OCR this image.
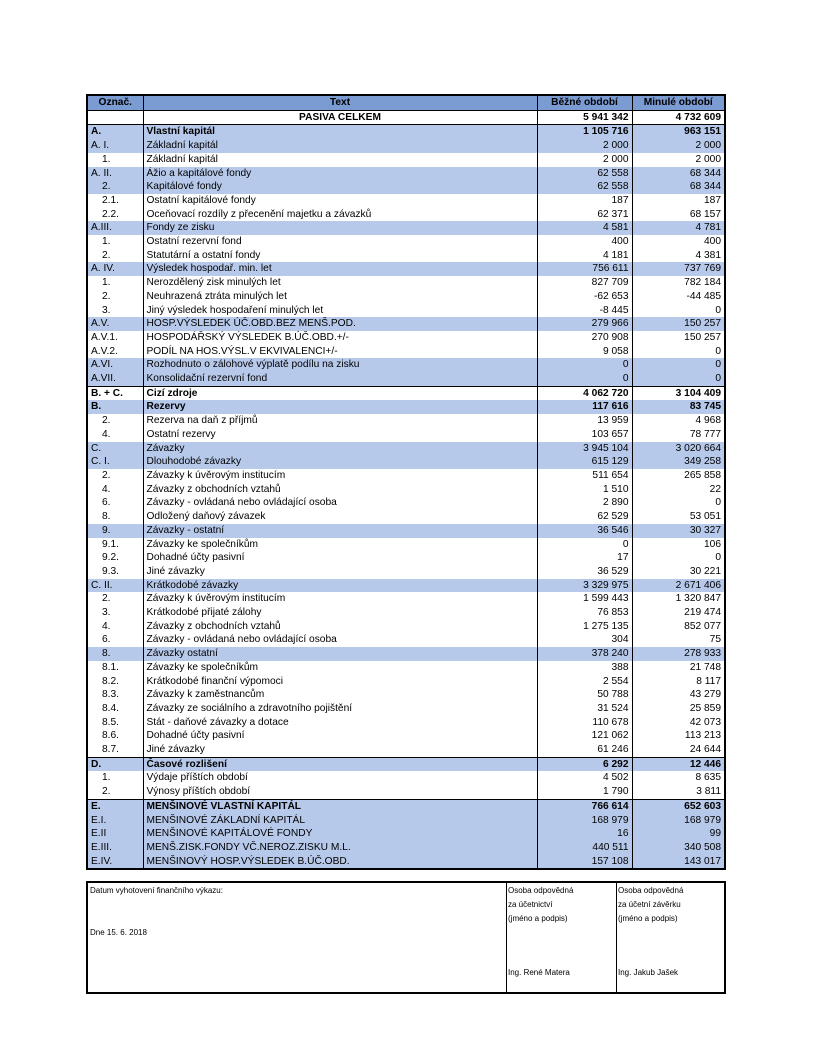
Označ.	Text	Běžné období	Minulé období
	PASIVA CELKEM	5 941 342	4 732 609
A.	Vlastní kapitál	1 105 716	963 151
A. I.	Základní kapitál	2 000	2 000
1.	Základní kapitál	2 000	2 000
A. II.	Ážio a kapitálové fondy	62 558	68 344
2.	Kapitálové fondy	62 558	68 344
2.1.	Ostatní kapitálové fondy	187	187
2.2.	Oceňovací rozdíly z přecenění majetku a závazků	62 371	68 157
A.III.	Fondy ze zisku	4 581	4 781
1.	Ostatní rezervní fond	400	400
2.	Statutární a ostatní fondy	4 181	4 381
A. IV.	Výsledek hospodař. min. let	756 611	737 769
1.	Nerozdělený zisk minulých let	827 709	782 184
2.	Neuhrazená ztráta minulých let	-62 653	-44 485
3.	Jiný výsledek hospodaření minulých let	-8 445	0
A.V.	HOSP.VÝSLEDEK ÚČ.OBD.BEZ MENŠ.POD.	279 966	150 257
A.V.1.	HOSPODÁŘSKÝ VÝSLEDEK B.ÚČ.OBD.+/-	270 908	150 257
A.V.2.	PODÍL NA HOS.VÝSL.V EKVIVALENCI+/-	9 058	0
A.VI.	Rozhodnuto o zálohové výplatě podílu na zisku	0	0
A.VII.	Konsolidační rezervní fond	0	0
B. + C.	Cizí zdroje	4 062 720	3 104 409
B.	Rezervy	117 616	83 745
2.	Rezerva na daň z příjmů	13 959	4 968
4.	Ostatní rezervy	103 657	78 777
C.	Závazky	3 945 104	3 020 664
C. I.	Dlouhodobé závazky	615 129	349 258
2.	Závazky k úvěrovým institucím	511 654	265 858
4.	Závazky z obchodních vztahů	1 510	22
6.	Závazky - ovládaná nebo ovládající osoba	2 890	0
8.	Odložený daňový závazek	62 529	53 051
9.	Závazky - ostatní	36 546	30 327
9.1.	Závazky ke společníkům	0	106
9.2.	Dohadné účty pasivní	17	0
9.3.	Jiné závazky	36 529	30 221
C. II.	Krátkodobé závazky	3 329 975	2 671 406
2.	Závazky k úvěrovým institucím	1 599 443	1 320 847
3.	Krátkodobé přijaté zálohy	76 853	219 474
4.	Závazky z obchodních vztahů	1 275 135	852 077
6.	Závazky - ovládaná nebo ovládající osoba	304	75
8.	Závazky ostatní	378 240	278 933
8.1.	Závazky ke společníkům	388	21 748
8.2.	Krátkodobé finanční výpomoci	2 554	8 117
8.3.	Závazky k zaměstnancům	50 788	43 279
8.4.	Závazky ze sociálního a zdravotního pojištění	31 524	25 859
8.5.	Stát - daňové závazky a dotace	110 678	42 073
8.6.	Dohadné účty pasivní	121 062	113 213
8.7.	Jiné závazky	61 246	24 644
D.	Časové rozlišení	6 292	12 446
1.	Výdaje příštích období	4 502	8 635
2.	Výnosy příštích období	1 790	3 811
E.	MENŠINOVÉ VLASTNÍ KAPITÁL	766 614	652 603
E.I.	MENŠINOVÉ ZÁKLADNÍ KAPITÁL	168 979	168 979
E.II	MENŠINOVÉ KAPITÁLOVÉ FONDY	16	99
E.III.	MENŠ.ZISK.FONDY VČ.NEROZ.ZISKU M.L.	440 511	340 508
E.IV.	MENŠINOVÝ HOSP.VÝSLEDEK B.ÚČ.OBD.	157 108	143 017
Datum vyhotovení finančního výkazu:
Dne 15. 6. 2018
Osoba odpovědná
za účetnictví
(jméno a podpis)
Ing. René Matera
Osoba odpovědná
za účetní závěrku
(jméno a podpis)
Ing. Jakub Jašek
